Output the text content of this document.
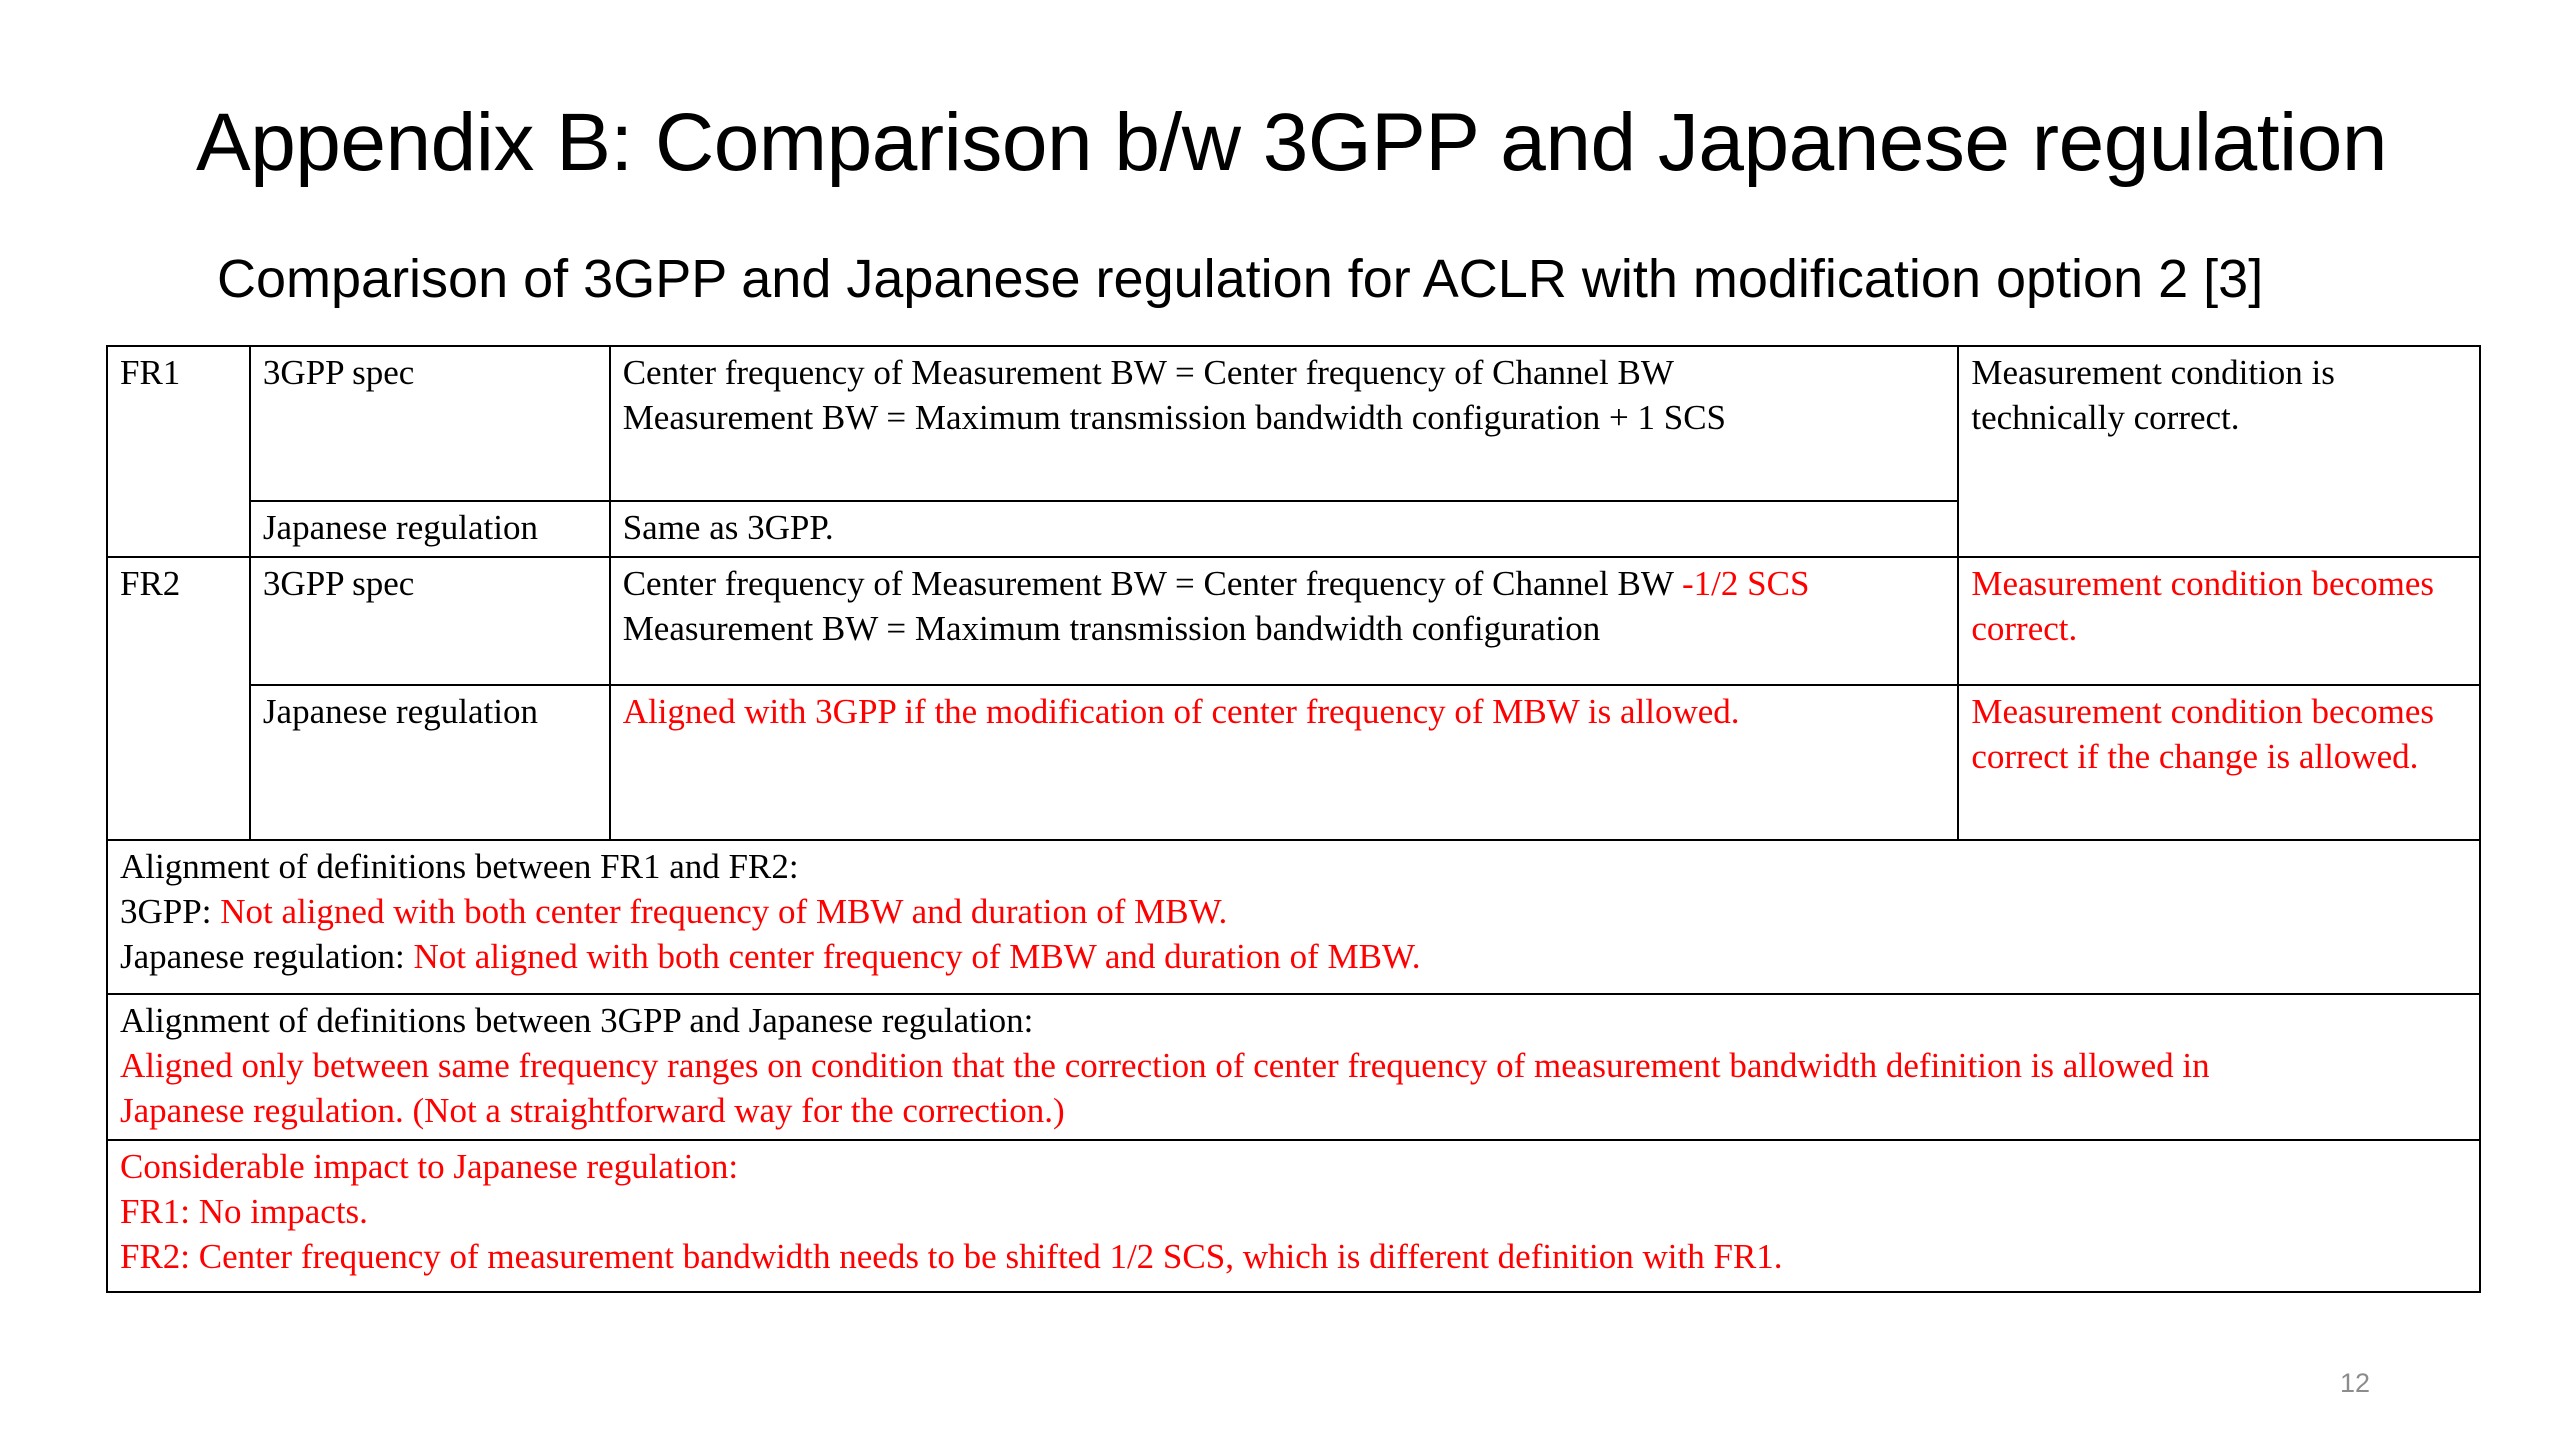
Appendix B: Comparison b/w 3GPP and Japanese regulation
Comparison of 3GPP and Japanese regulation for ACLR with modification option 2 [3]
FR1	3GPP spec	Center frequency of Measurement BW = Center frequency of Channel BW
Measurement BW = Maximum transmission bandwidth configuration + 1 SCS	Measurement condition is
technically correct.

	Japanese regulation	Same as 3GPP.	
FR2	3GPP spec	Center frequency of Measurement BW = Center frequency of Channel BW -1/2 SCS
Measurement BW = Maximum transmission bandwidth configuration	Measurement condition becomes
correct.

	Japanese regulation	Aligned with 3GPP if the modification of center frequency of MBW is allowed.	Measurement condition becomes
correct if the change is allowed.

Alignment of definitions between FR1 and FR2:
3GPP: Not aligned with both center frequency of MBW and duration of MBW.
Japanese regulation: Not aligned with both center frequency of MBW and duration of MBW.			

Alignment of definitions between 3GPP and Japanese regulation:
Aligned only between same frequency ranges on condition that the correction of center frequency of measurement bandwidth definition is allowed in
Japanese regulation. (Not a straightforward way for the correction.)			

Considerable impact to Japanese regulation:
FR1: No impacts.
FR2: Center frequency of measurement bandwidth needs to be shifted 1/2 SCS, which is different definition with FR1.			
12
